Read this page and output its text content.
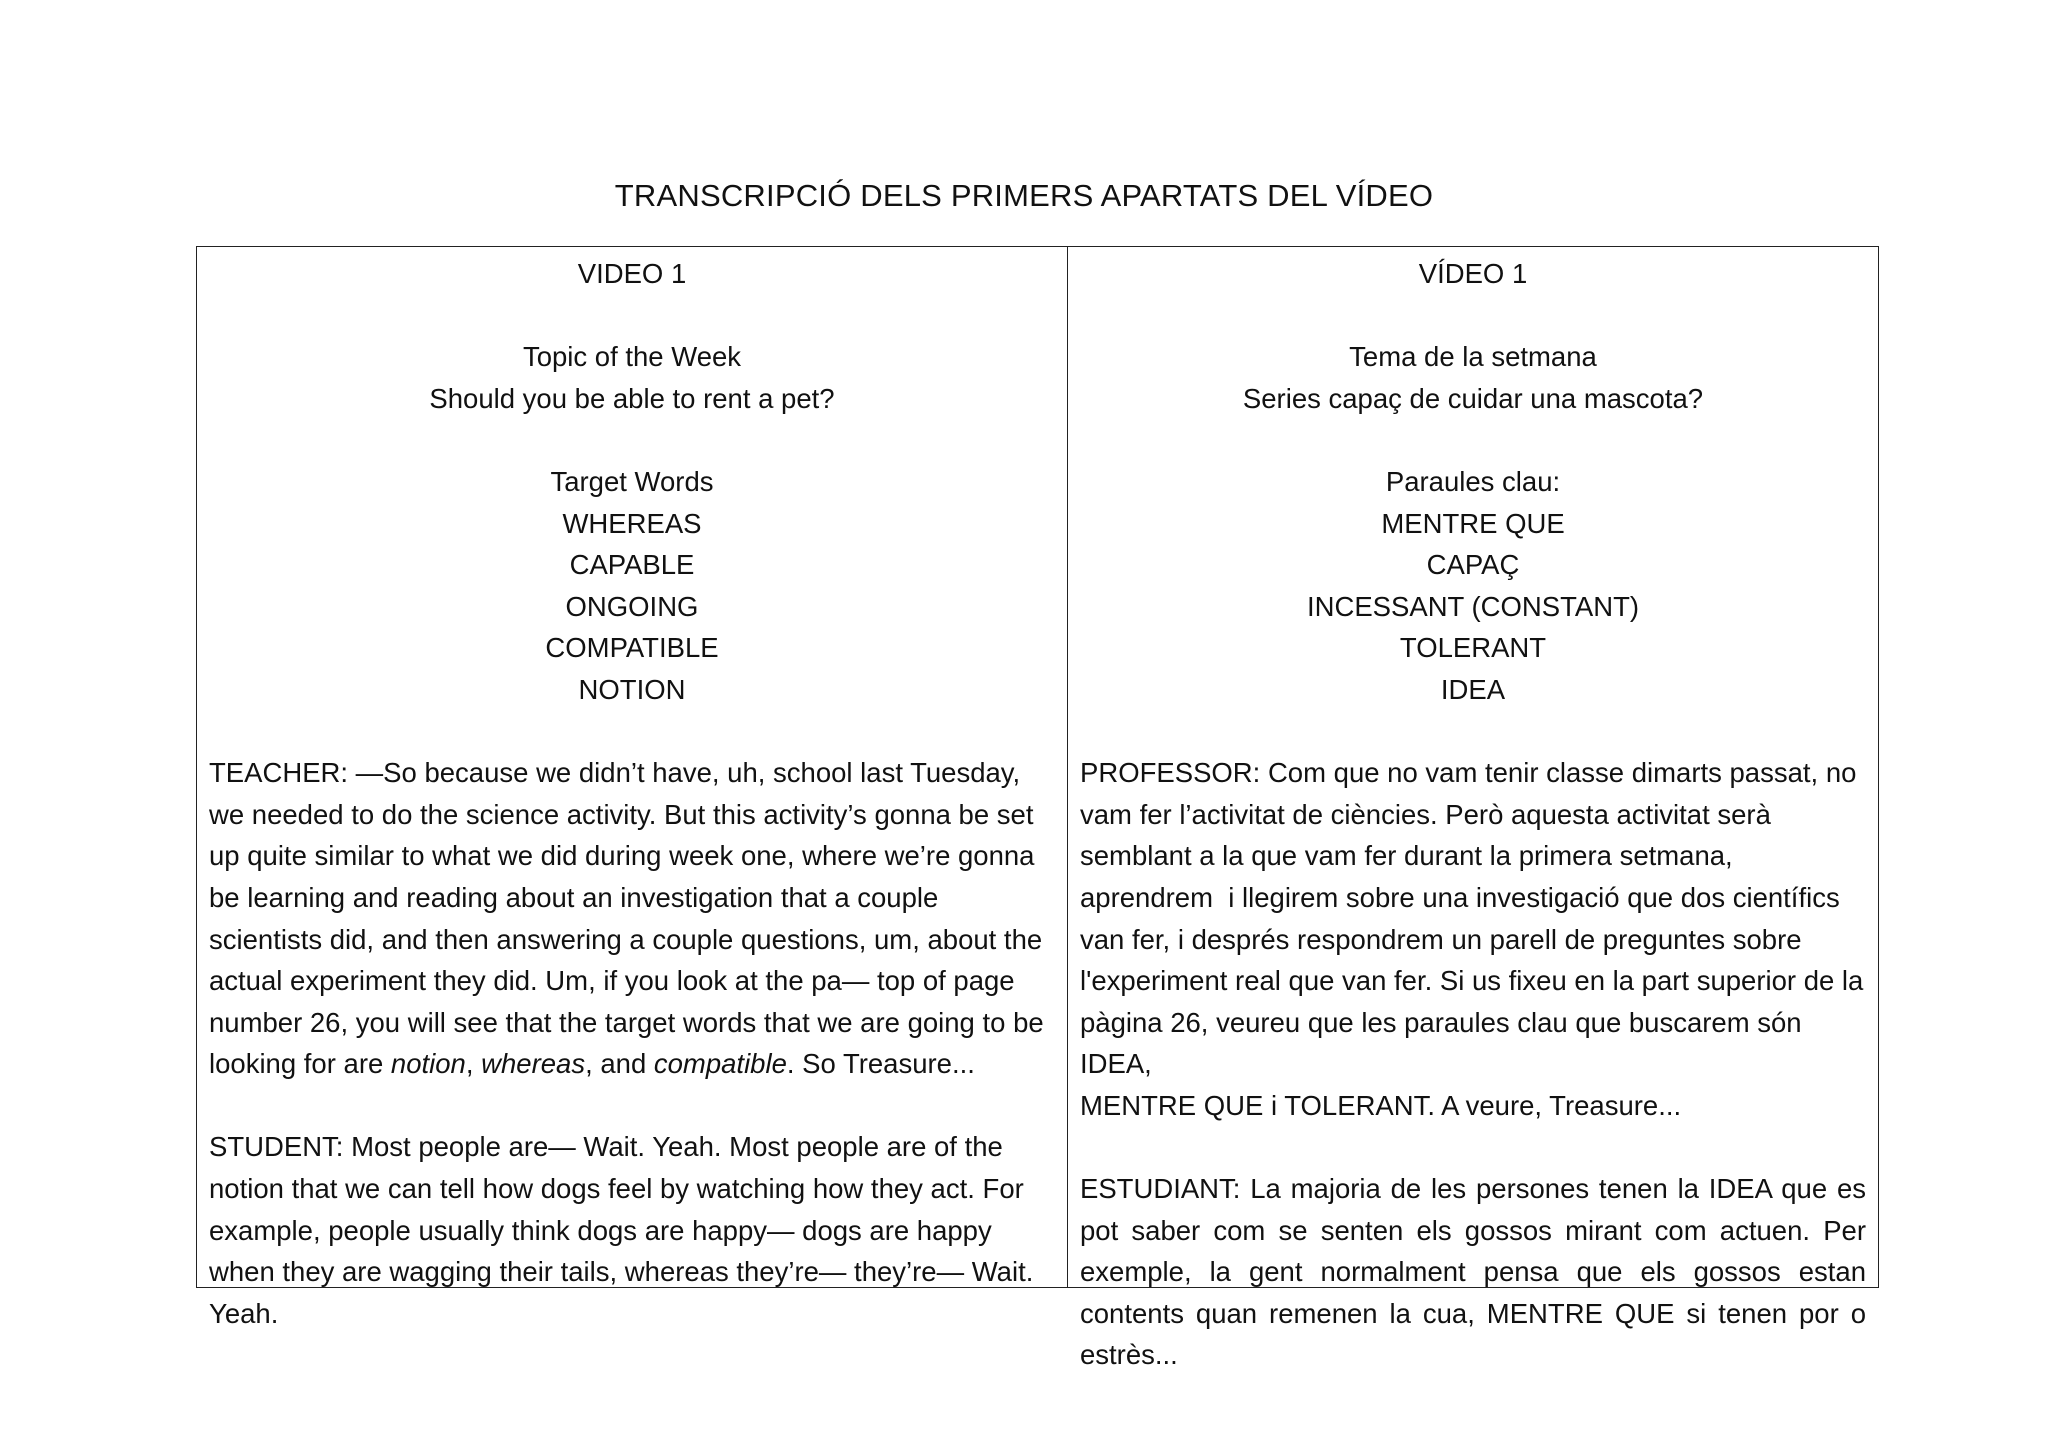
TRANSCRIPCIÓ DELS PRIMERS APARTATS DEL VÍDEO
VIDEO 1
Topic of the Week
Should you be able to rent a pet?
Target Words
WHEREAS
CAPABLE
ONGOING
COMPATIBLE
NOTION
TEACHER: —So because we didn’t have, uh, school last Tuesday, we needed to do the science activity. But this activity’s gonna be set up quite similar to what we did during week one, where we’re gonna be learning and reading about an investigation that a couple scientists did, and then answering a couple questions, um, about the actual experiment they did. Um, if you look at the pa— top of page number 26, you will see that the target words that we are going to be looking for are notion, whereas, and compatible. So Treasure...
STUDENT: Most people are— Wait. Yeah. Most people are of the notion that we can tell how dogs feel by watching how they act. For example, people usually think dogs are happy— dogs are happy when they are wagging their tails, whereas they’re— they’re— Wait. Yeah.
VÍDEO 1
Tema de la setmana
Series capaç de cuidar una mascota?
Paraules clau:
MENTRE QUE
CAPAÇ
INCESSANT (CONSTANT)
TOLERANT
IDEA
PROFESSOR: Com que no vam tenir classe dimarts passat, no
vam fer l’activitat de ciències. Però aquesta activitat serà
semblant a la que vam fer durant la primera setmana,
aprendrem  i llegirem sobre una investigació que dos científics
van fer, i després respondrem un parell de preguntes sobre
l'experiment real que van fer. Si us fixeu en la part superior de la
pàgina 26, veureu que les paraules clau que buscarem són IDEA,
MENTRE QUE i TOLERANT. A veure, Treasure...
ESTUDIANT: La majoria de les persones tenen la IDEA que es pot saber com se senten els gossos mirant com actuen. Per exemple, la gent normalment pensa que els gossos estan contents quan remenen la cua, MENTRE QUE si tenen por o estrès...
